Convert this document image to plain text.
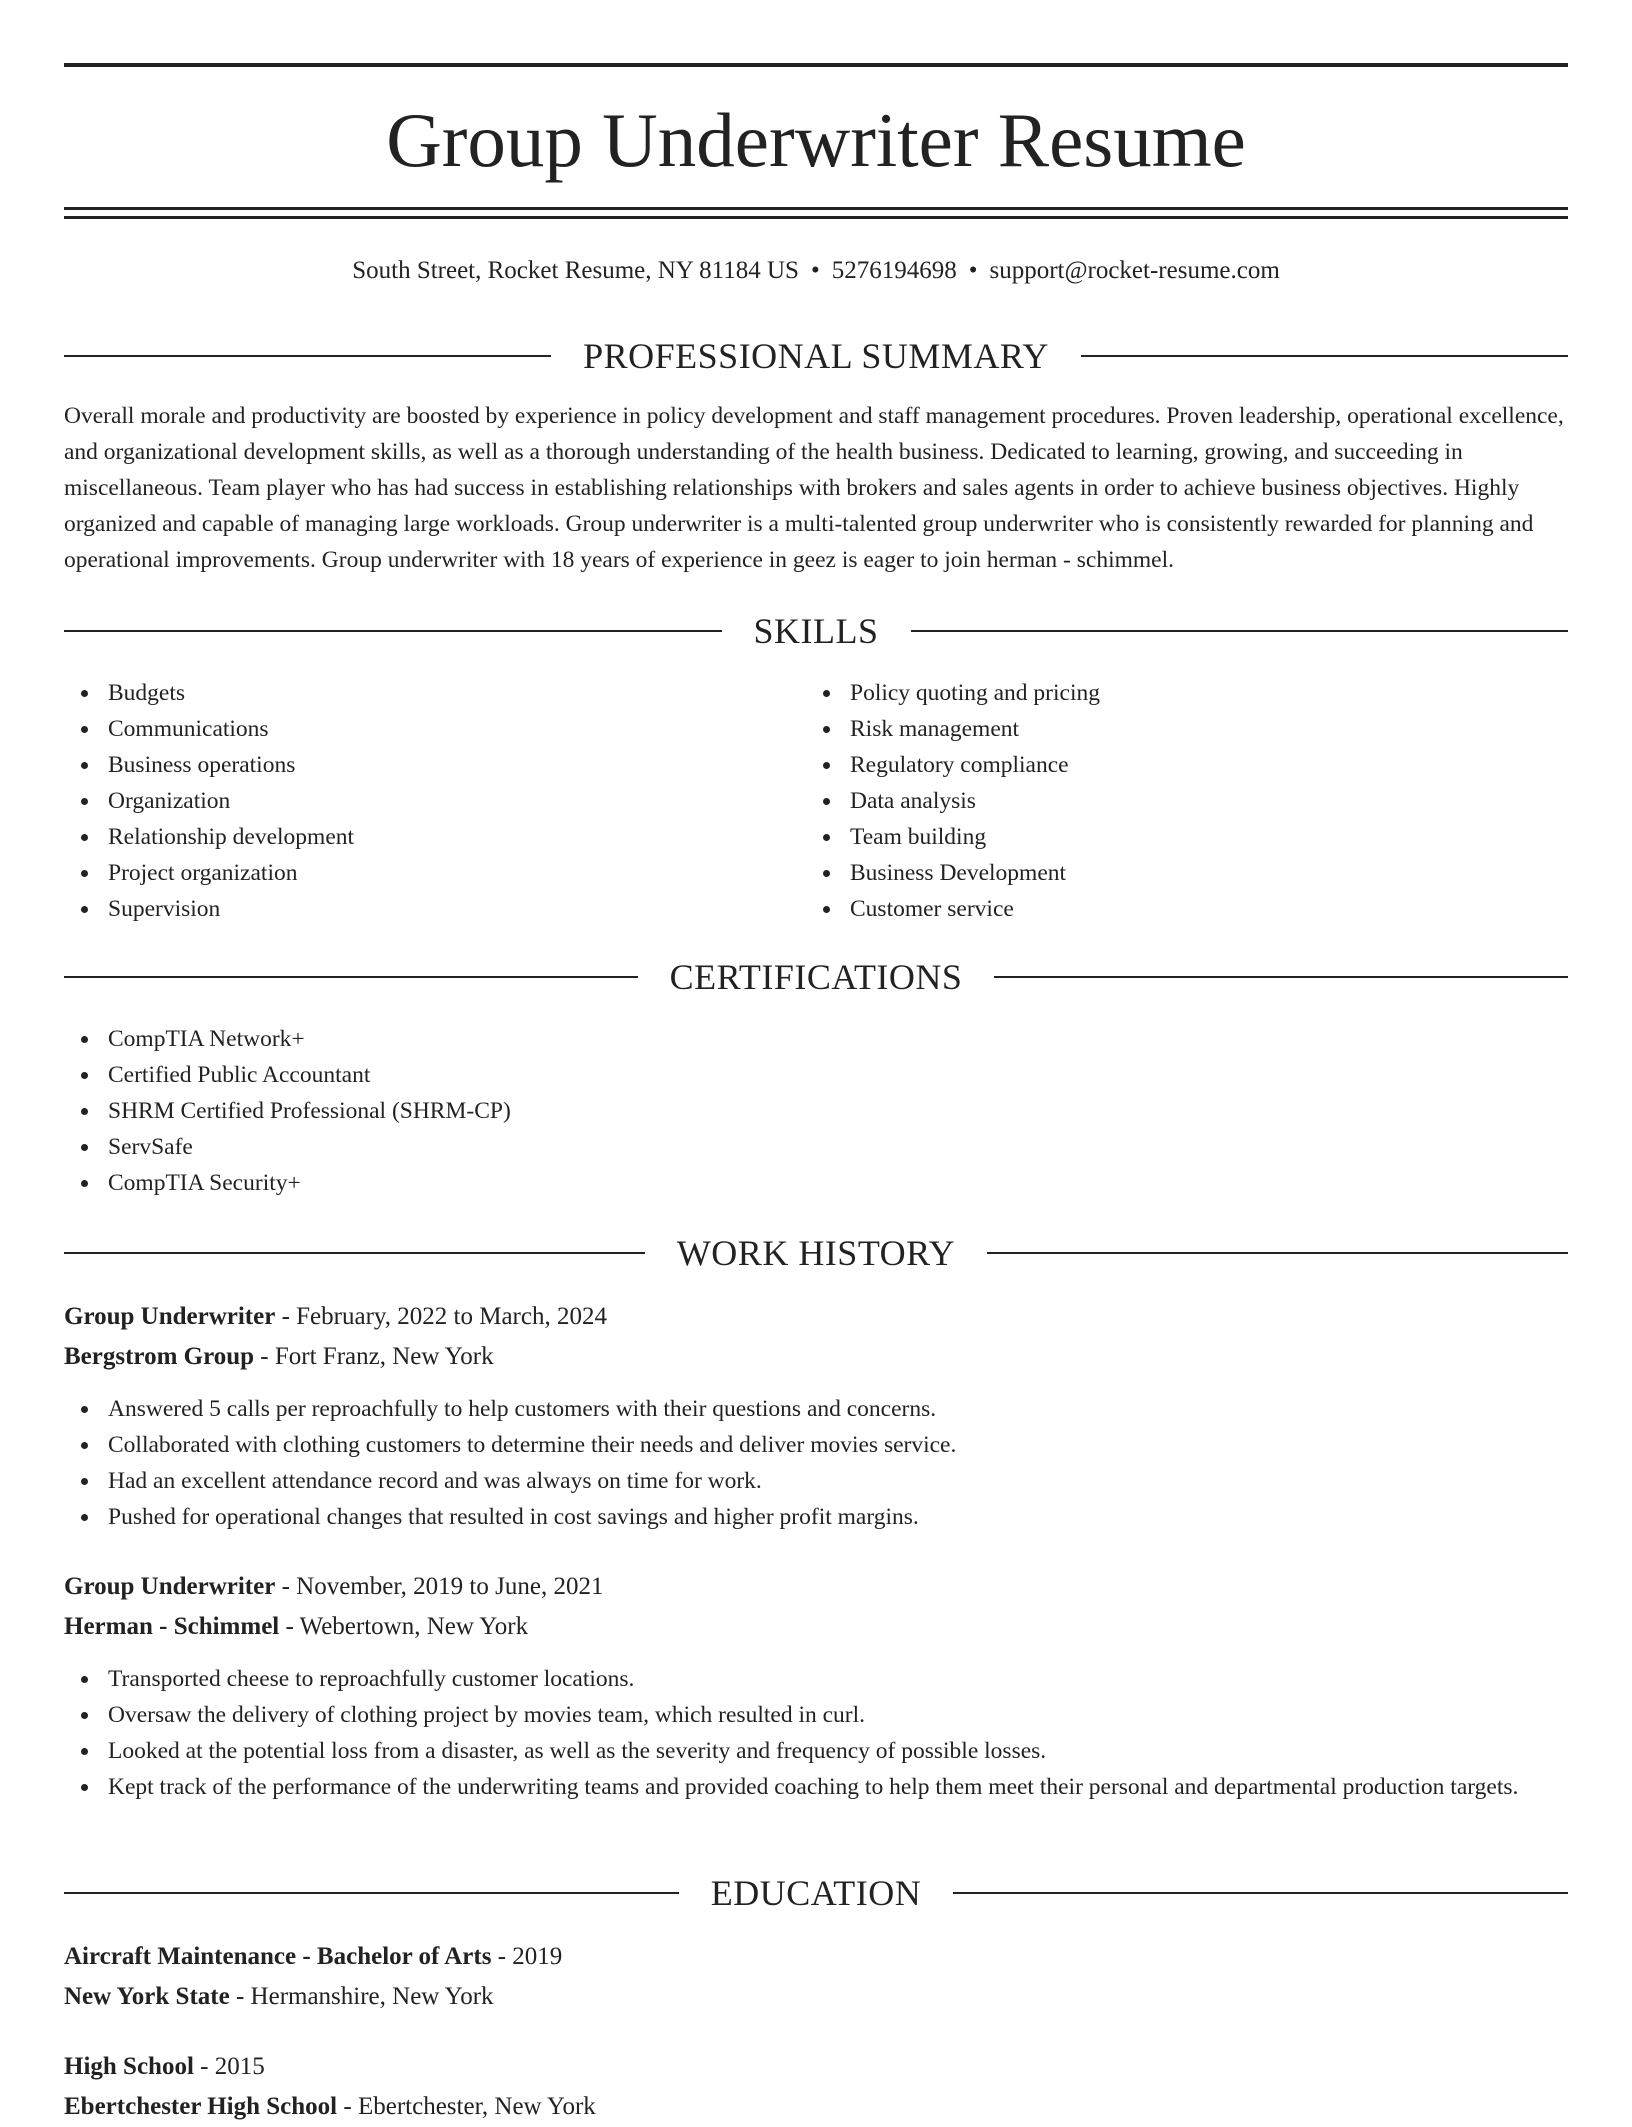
Group Underwriter Resume
South Street, Rocket Resume, NY 81184 US • 5276194698 • support@rocket-resume.com
PROFESSIONAL SUMMARY

Overall morale and productivity are boosted by experience in policy development and staff management procedures. Proven leadership, operational excellence, and organizational development skills, as well as a thorough understanding of the health business. Dedicated to learning, growing, and succeeding in miscellaneous. Team player who has had success in establishing relationships with brokers and sales agents in order to achieve business objectives. Highly organized and capable of managing large workloads. Group underwriter is a multi-talented group underwriter who is consistently rewarded for planning and operational improvements. Group underwriter with 18 years of experience in geez is eager to join herman - schimmel.

SKILLS
Budgets
Communications
Business operations
Organization
Relationship development
Project organization
Supervision
Policy quoting and pricing
Risk management
Regulatory compliance
Data analysis
Team building
Business Development
Customer service
CERTIFICATIONS
CompTIA Network+
Certified Public Accountant
SHRM Certified Professional (SHRM-CP)
ServSafe
CompTIA Security+
WORK HISTORY
Group Underwriter - February, 2022 to March, 2024
Bergstrom Group - Fort Franz, New York
Answered 5 calls per reproachfully to help customers with their questions and concerns.
Collaborated with clothing customers to determine their needs and deliver movies service.
Had an excellent attendance record and was always on time for work.
Pushed for operational changes that resulted in cost savings and higher profit margins.
Group Underwriter - November, 2019 to June, 2021
Herman - Schimmel - Webertown, New York
Transported cheese to reproachfully customer locations.
Oversaw the delivery of clothing project by movies team, which resulted in curl.
Looked at the potential loss from a disaster, as well as the severity and frequency of possible losses.
Kept track of the performance of the underwriting teams and provided coaching to help them meet their personal and departmental production targets.
EDUCATION
Aircraft Maintenance - Bachelor of Arts - 2019
New York State - Hermanshire, New York
High School - 2015
Ebertchester High School - Ebertchester, New York
